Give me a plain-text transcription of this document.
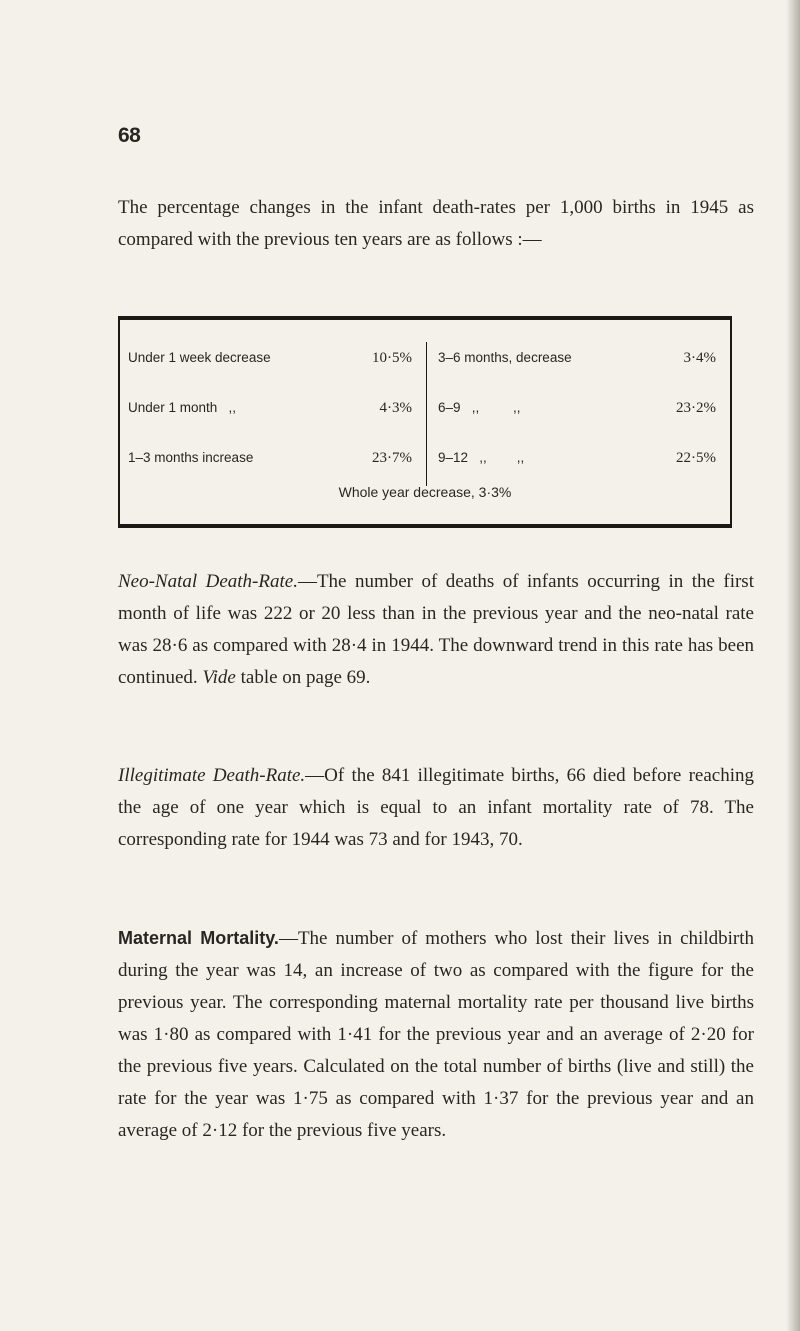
68

The percentage changes in the infant death-rates per 1,000 births in 1945 as compared with the previous ten years are as follows :—

Under 1 week decrease	10·5% 3–6 months, decrease	3·4%
Under 1 month   ,,	4·3% 6–9   ,,         ,,	23·2%
1–3 months increase	23·7% 9–12   ,,        ,,	22·5%
Whole year decrease, 3·3%

Neo-Natal Death-Rate.—The number of deaths of infants occurring in the first month of life was 222 or 20 less than in the previous year and the neo-natal rate was 28·6 as compared with 28·4 in 1944. The downward trend in this rate has been continued. Vide table on page 69.

Illegitimate Death-Rate.—Of the 841 illegitimate births, 66 died before reaching the age of one year which is equal to an infant mortality rate of 78. The corresponding rate for 1944 was 73 and for 1943, 70.

Maternal Mortality.—The number of mothers who lost their lives in childbirth during the year was 14, an increase of two as compared with the figure for the previous year. The corresponding maternal mortality rate per thousand live births was 1·80 as compared with 1·41 for the previous year and an average of 2·20 for the previous five years. Calculated on the total number of births (live and still) the rate for the year was 1·75 as compared with 1·37 for the previous year and an average of 2·12 for the previous five years.
